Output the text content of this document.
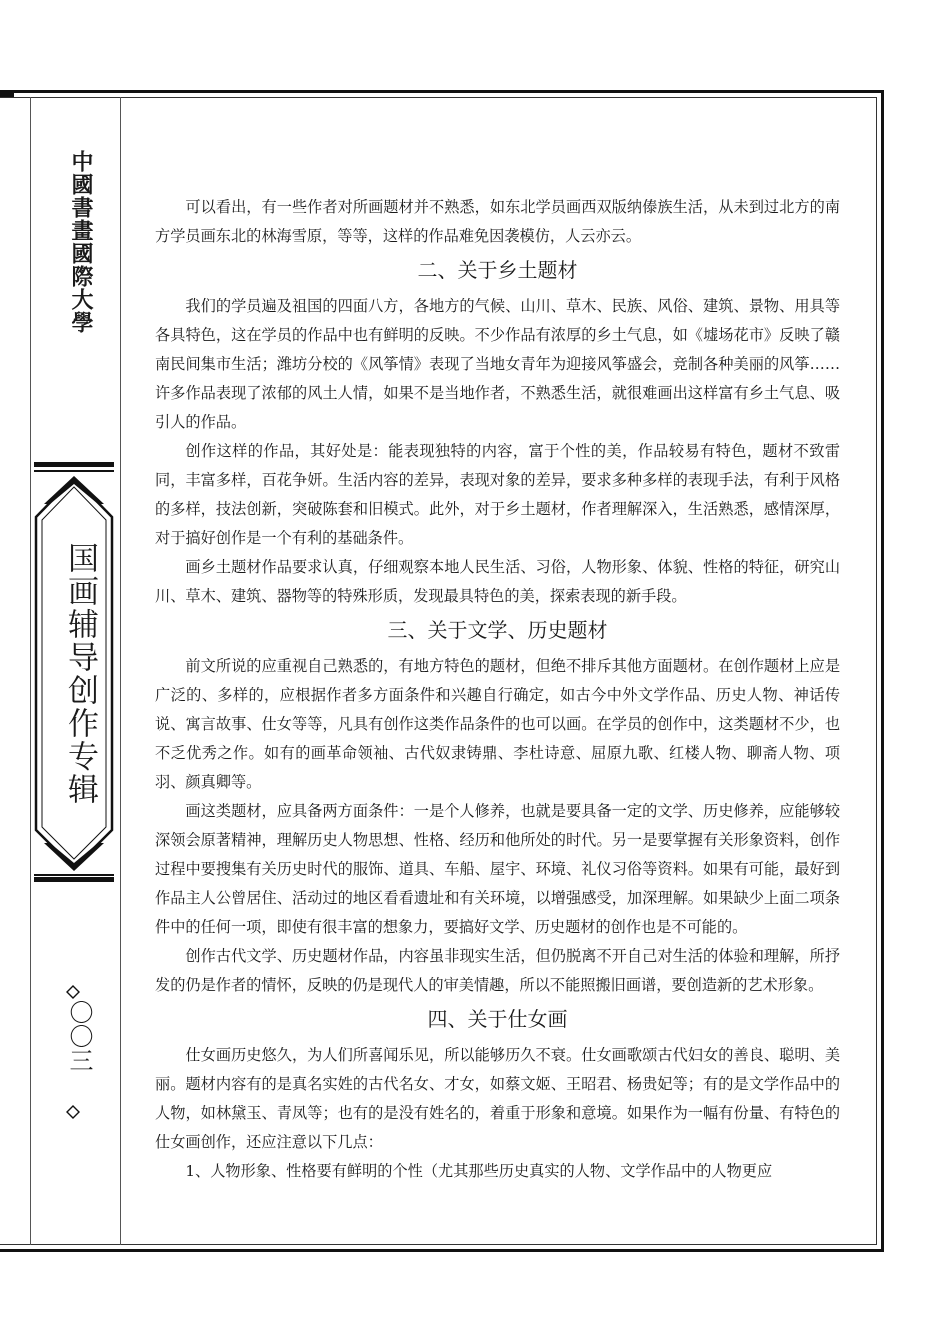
中國書畫國際大學
国画辅导创作专辑
〇〇三

可以看出，有一些作者对所画题材并不熟悉，如东北学员画西双版纳傣族生活，从未到过北方的南方学员画东北的林海雪原，等等，这样的作品难免因袭模仿，人云亦云。

二、关于乡土题材

我们的学员遍及祖国的四面八方，各地方的气候、山川、草木、民族、风俗、建筑、景物、用具等各具特色，这在学员的作品中也有鲜明的反映。不少作品有浓厚的乡土气息，如《墟场花市》反映了赣南民间集市生活；潍坊分校的《风筝情》表现了当地女青年为迎接风筝盛会，竞制各种美丽的风筝……许多作品表现了浓郁的风土人情，如果不是当地作者，不熟悉生活，就很难画出这样富有乡土气息、吸引人的作品。

创作这样的作品，其好处是：能表现独特的内容，富于个性的美，作品较易有特色，题材不致雷同，丰富多样，百花争妍。生活内容的差异，表现对象的差异，要求多种多样的表现手法，有利于风格的多样，技法创新，突破陈套和旧模式。此外，对于乡土题材，作者理解深入，生活熟悉，感情深厚，对于搞好创作是一个有利的基础条件。

画乡土题材作品要求认真，仔细观察本地人民生活、习俗，人物形象、体貌、性格的特征，研究山川、草木、建筑、器物等的特殊形质，发现最具特色的美，探索表现的新手段。

三、关于文学、历史题材

前文所说的应重视自己熟悉的，有地方特色的题材，但绝不排斥其他方面题材。在创作题材上应是广泛的、多样的，应根据作者多方面条件和兴趣自行确定，如古今中外文学作品、历史人物、神话传说、寓言故事、仕女等等，凡具有创作这类作品条件的也可以画。在学员的创作中，这类题材不少，也不乏优秀之作。如有的画革命领袖、古代奴隶铸鼎、李杜诗意、屈原九歌、红楼人物、聊斋人物、项羽、颜真卿等。

画这类题材，应具备两方面条件：一是个人修养，也就是要具备一定的文学、历史修养，应能够较深领会原著精神，理解历史人物思想、性格、经历和他所处的时代。另一是要掌握有关形象资料，创作过程中要搜集有关历史时代的服饰、道具、车船、屋宇、环境、礼仪习俗等资料。如果有可能，最好到作品主人公曾居住、活动过的地区看看遗址和有关环境，以增强感受，加深理解。如果缺少上面二项条件中的任何一项，即使有很丰富的想象力，要搞好文学、历史题材的创作也是不可能的。

创作古代文学、历史题材作品，内容虽非现实生活，但仍脱离不开自己对生活的体验和理解，所抒发的仍是作者的情怀，反映的仍是现代人的审美情趣，所以不能照搬旧画谱，要创造新的艺术形象。

四、关于仕女画

仕女画历史悠久，为人们所喜闻乐见，所以能够历久不衰。仕女画歌颂古代妇女的善良、聪明、美丽。题材内容有的是真名实姓的古代名女、才女，如蔡文姬、王昭君、杨贵妃等；有的是文学作品中的人物，如林黛玉、青凤等；也有的是没有姓名的，着重于形象和意境。如果作为一幅有份量、有特色的仕女画创作，还应注意以下几点：

1、人物形象、性格要有鲜明的个性（尤其那些历史真实的人物、文学作品中的人物更应
